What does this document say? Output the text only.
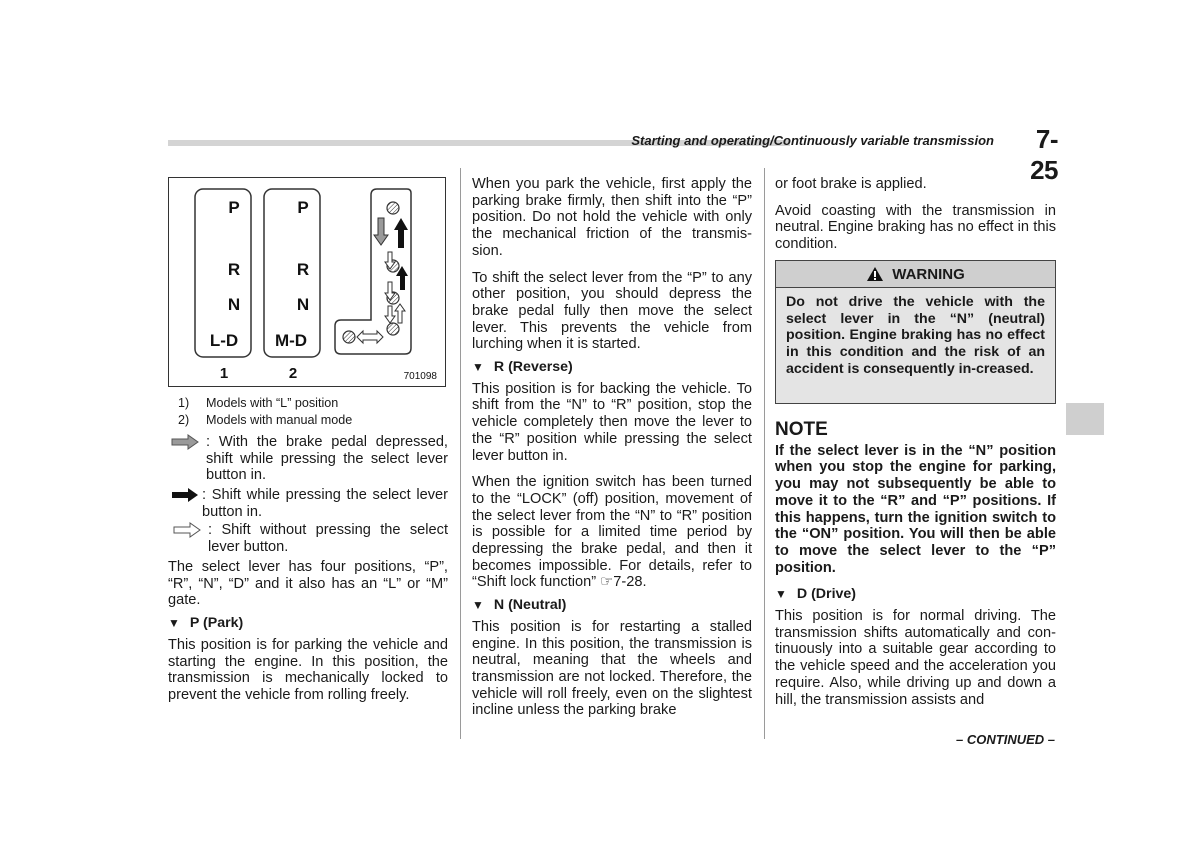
Starting and operating/Continuously variable transmission	7-25
P
R
N
L-D
P
R
N
M-D
1	2	701098
1) Models with “L” position
2) Models with manual mode
: With the brake pedal depressed, shift while pressing the select lever button in.
: Shift while pressing the select lever button in.
: Shift without pressing the select lever button.

The select lever has four positions, “P”, “R”, “N”, “D” and it also has an “L” or “M” gate.

▼ P (Park)

This position is for parking the vehicle and starting the engine. In this position, the transmission is mechanically locked to prevent the vehicle from rolling freely.

When you park the vehicle, first apply the parking brake firmly, then shift into the “P” position. Do not hold the vehicle with only the mechanical friction of the transmis-sion.

To shift the select lever from the “P” to any other position, you should depress the brake pedal fully then move the select lever. This prevents the vehicle from lurching when it is started.

▼ R (Reverse)

This position is for backing the vehicle. To shift from the “N” to “R” position, stop the vehicle completely then move the lever to the “R” position while pressing the select lever button in.

When the ignition switch has been turned to the “LOCK” (off) position, movement of the select lever from the “N” to “R” position is possible for a limited time period by depressing the brake pedal, and then it becomes impossible. For details, refer to “Shift lock function” ☞7-28.

▼ N (Neutral)

This position is for restarting a stalled engine. In this position, the transmission is neutral, meaning that the wheels and transmission are not locked. Therefore, the vehicle will roll freely, even on the slightest incline unless the parking brake

or foot brake is applied.

Avoid coasting with the transmission in neutral. Engine braking has no effect in this condition.

WARNING
Do not drive the vehicle with the select lever in the “N” (neutral) position. Engine braking has no effect in this condition and the risk of an accident is consequently in-creased.
NOTE

If the select lever is in the “N” position when you stop the engine for parking, you may not subsequently be able to move it to the “R” and “P” positions. If this happens, turn the ignition switch to the “ON” position. You will then be able to move the select lever to the “P” position.

▼ D (Drive)

This position is for normal driving. The transmission shifts automatically and con-tinuously into a suitable gear according to the vehicle speed and the acceleration you require. Also, while driving up and down a hill, the transmission assists and

– CONTINUED –
